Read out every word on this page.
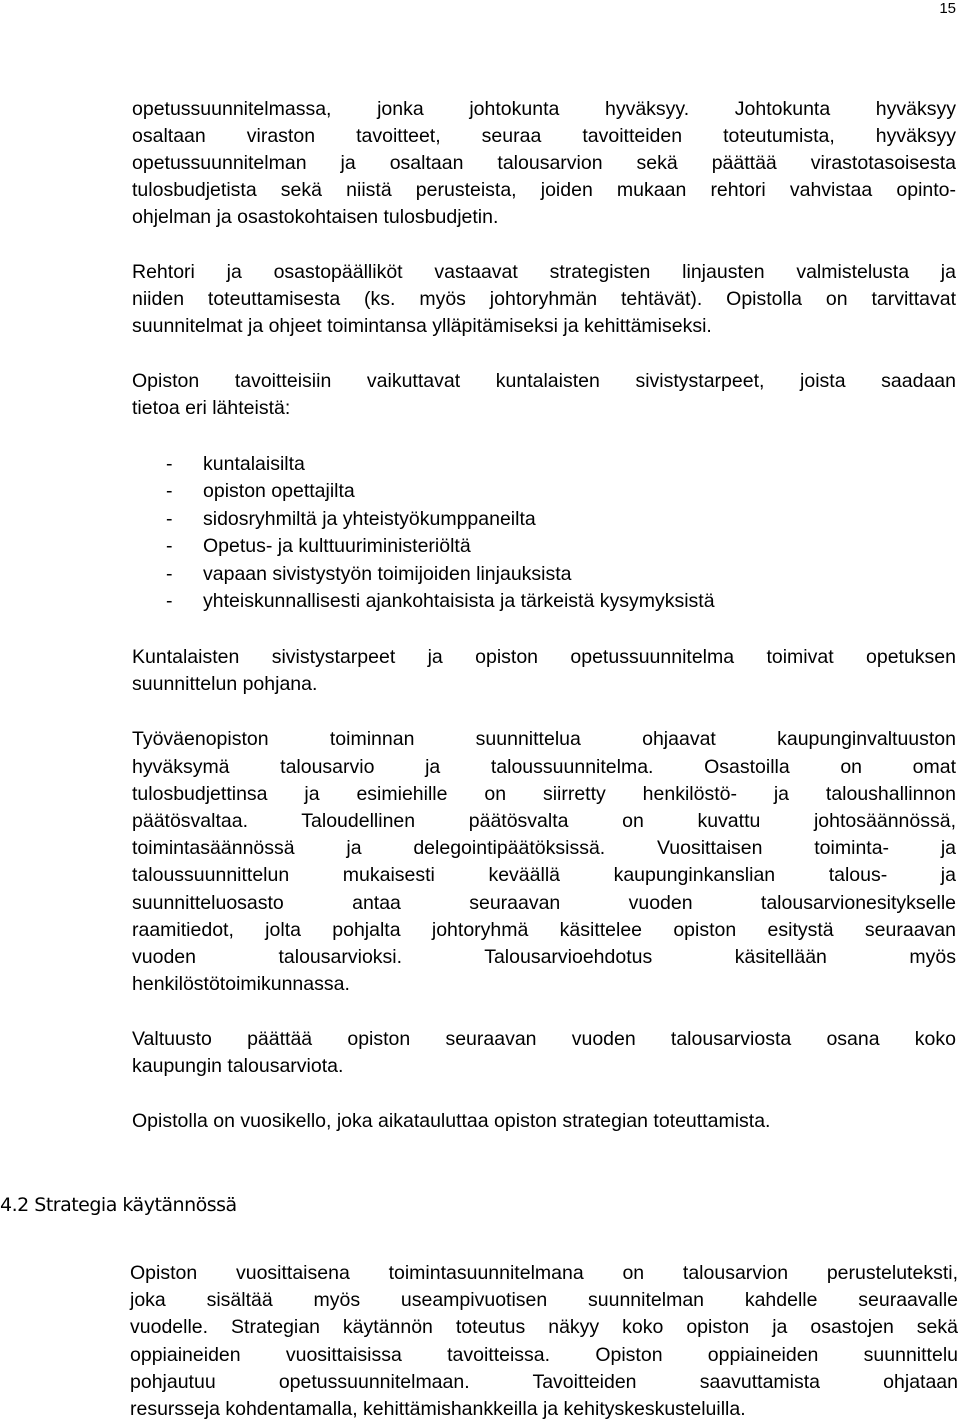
15
opetussuunnitelmassa, jonka johtokunta hyväksyy. Johtokunta hyväksyy
osaltaan viraston tavoitteet, seuraa tavoitteiden toteutumista, hyväksyy
opetussuunnitelman ja osaltaan talousarvion sekä päättää virastotasoisesta
tulosbudjetista sekä niistä perusteista, joiden mukaan rehtori vahvistaa opinto-
ohjelman ja osastokohtaisen tulosbudjetin.
Rehtori ja osastopäälliköt vastaavat strategisten linjausten valmistelusta ja
niiden toteuttamisesta (ks. myös johtoryhmän tehtävät). Opistolla on tarvittavat
suunnitelmat ja ohjeet toimintansa ylläpitämiseksi ja kehittämiseksi.
Opiston tavoitteisiin vaikuttavat kuntalaisten sivistystarpeet, joista saadaan
tietoa eri lähteistä:
- kuntalaisilta
- opiston opettajilta
- sidosryhmiltä ja yhteistyökumppaneilta
- Opetus- ja kulttuuriministeriöltä
- vapaan sivistystyön toimijoiden linjauksista
- yhteiskunnallisesti ajankohtaisista ja tärkeistä kysymyksistä
Kuntalaisten sivistystarpeet ja opiston opetussuunnitelma toimivat opetuksen
suunnittelun pohjana.
Työväenopiston toiminnan suunnittelua ohjaavat kaupunginvaltuuston
hyväksymä talousarvio ja taloussuunnitelma. Osastoilla on omat
tulosbudjettinsa ja esimiehille on siirretty henkilöstö- ja taloushallinnon
päätösvaltaa. Taloudellinen päätösvalta on kuvattu johtosäännössä,
toimintasäännössä ja delegointipäätöksissä. Vuosittaisen toiminta- ja
taloussuunnittelun mukaisesti keväällä kaupunginkanslian talous- ja
suunnitteluosasto antaa seuraavan vuoden talousarvionesitykselle
raamitiedot, jolta pohjalta johtoryhmä käsittelee opiston esitystä seuraavan
vuoden talousarvioksi. Talousarvioehdotus käsitellään myös
henkilöstötoimikunnassa.
Valtuusto päättää opiston seuraavan vuoden talousarviosta osana koko
kaupungin talousarviota.
Opistolla on vuosikello, joka aikatauluttaa opiston strategian toteuttamista.
4.2 Strategia käytännössä
Opiston vuosittaisena toimintasuunnitelmana on talousarvion perusteluteksti,
joka sisältää myös useampivuotisen suunnitelman kahdelle seuraavalle
vuodelle. Strategian käytännön toteutus näkyy koko opiston ja osastojen sekä
oppiaineiden vuosittaisissa tavoitteissa. Opiston oppiaineiden suunnittelu
pohjautuu opetussuunnitelmaan. Tavoitteiden saavuttamista ohjataan
resursseja kohdentamalla, kehittämishankkeilla ja kehityskeskusteluilla.
